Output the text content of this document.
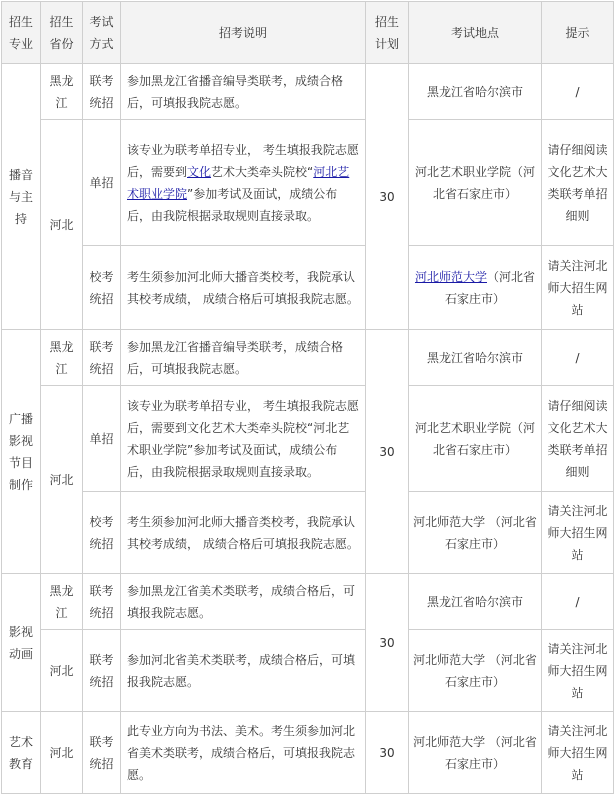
招生专业	招生省份	考试方式	招考说明	招生计划	考试地点	提示
播音与主持	黑龙江	联考统招	参加黑龙江省播音编导类联考，成绩合格后，可填报我院志愿。	30	黑龙江省哈尔滨市	/
	河北	单招	该专业为联考单招专业， 考生填报我院志愿后，需要到文化艺术大类牵头院校“河北艺术职业学院”参加考试及面试，成绩公布后，由我院根据录取规则直接录取。		河北艺术职业学院（河北省石家庄市）	请仔细阅读文化艺术大类联考单招细则
		校考统招	考生须参加河北师大播音类校考，我院承认其校考成绩， 成绩合格后可填报我院志愿。		河北师范大学（河北省石家庄市）	请关注河北师大招生网站
广播影视节目制作	黑龙江	联考统招	参加黑龙江省播音编导类联考，成绩合格后，可填报我院志愿。	30	黑龙江省哈尔滨市	/
	河北	单招	该专业为联考单招专业， 考生填报我院志愿后，需要到文化艺术大类牵头院校“河北艺术职业学院”参加考试及面试，成绩公布后，由我院根据录取规则直接录取。		河北艺术职业学院（河北省石家庄市）	请仔细阅读文化艺术大类联考单招细则
		校考统招	考生须参加河北师大播音类校考，我院承认其校考成绩， 成绩合格后可填报我院志愿。		河北师范大学 （河北省石家庄市）	请关注河北师大招生网站
影视动画	黑龙江	联考统招	参加黑龙江省美术类联考，成绩合格后，可填报我院志愿。	30	黑龙江省哈尔滨市	/
	河北	联考统招	参加河北省美术类联考，成绩合格后，可填报我院志愿。		河北师范大学 （河北省石家庄市）	请关注河北师大招生网站
艺术教育	河北	联考统招	此专业方向为书法、美术。考生须参加河北省美术类联考，成绩合格后，可填报我院志愿。	30	河北师范大学 （河北省石家庄市）	请关注河北师大招生网站
